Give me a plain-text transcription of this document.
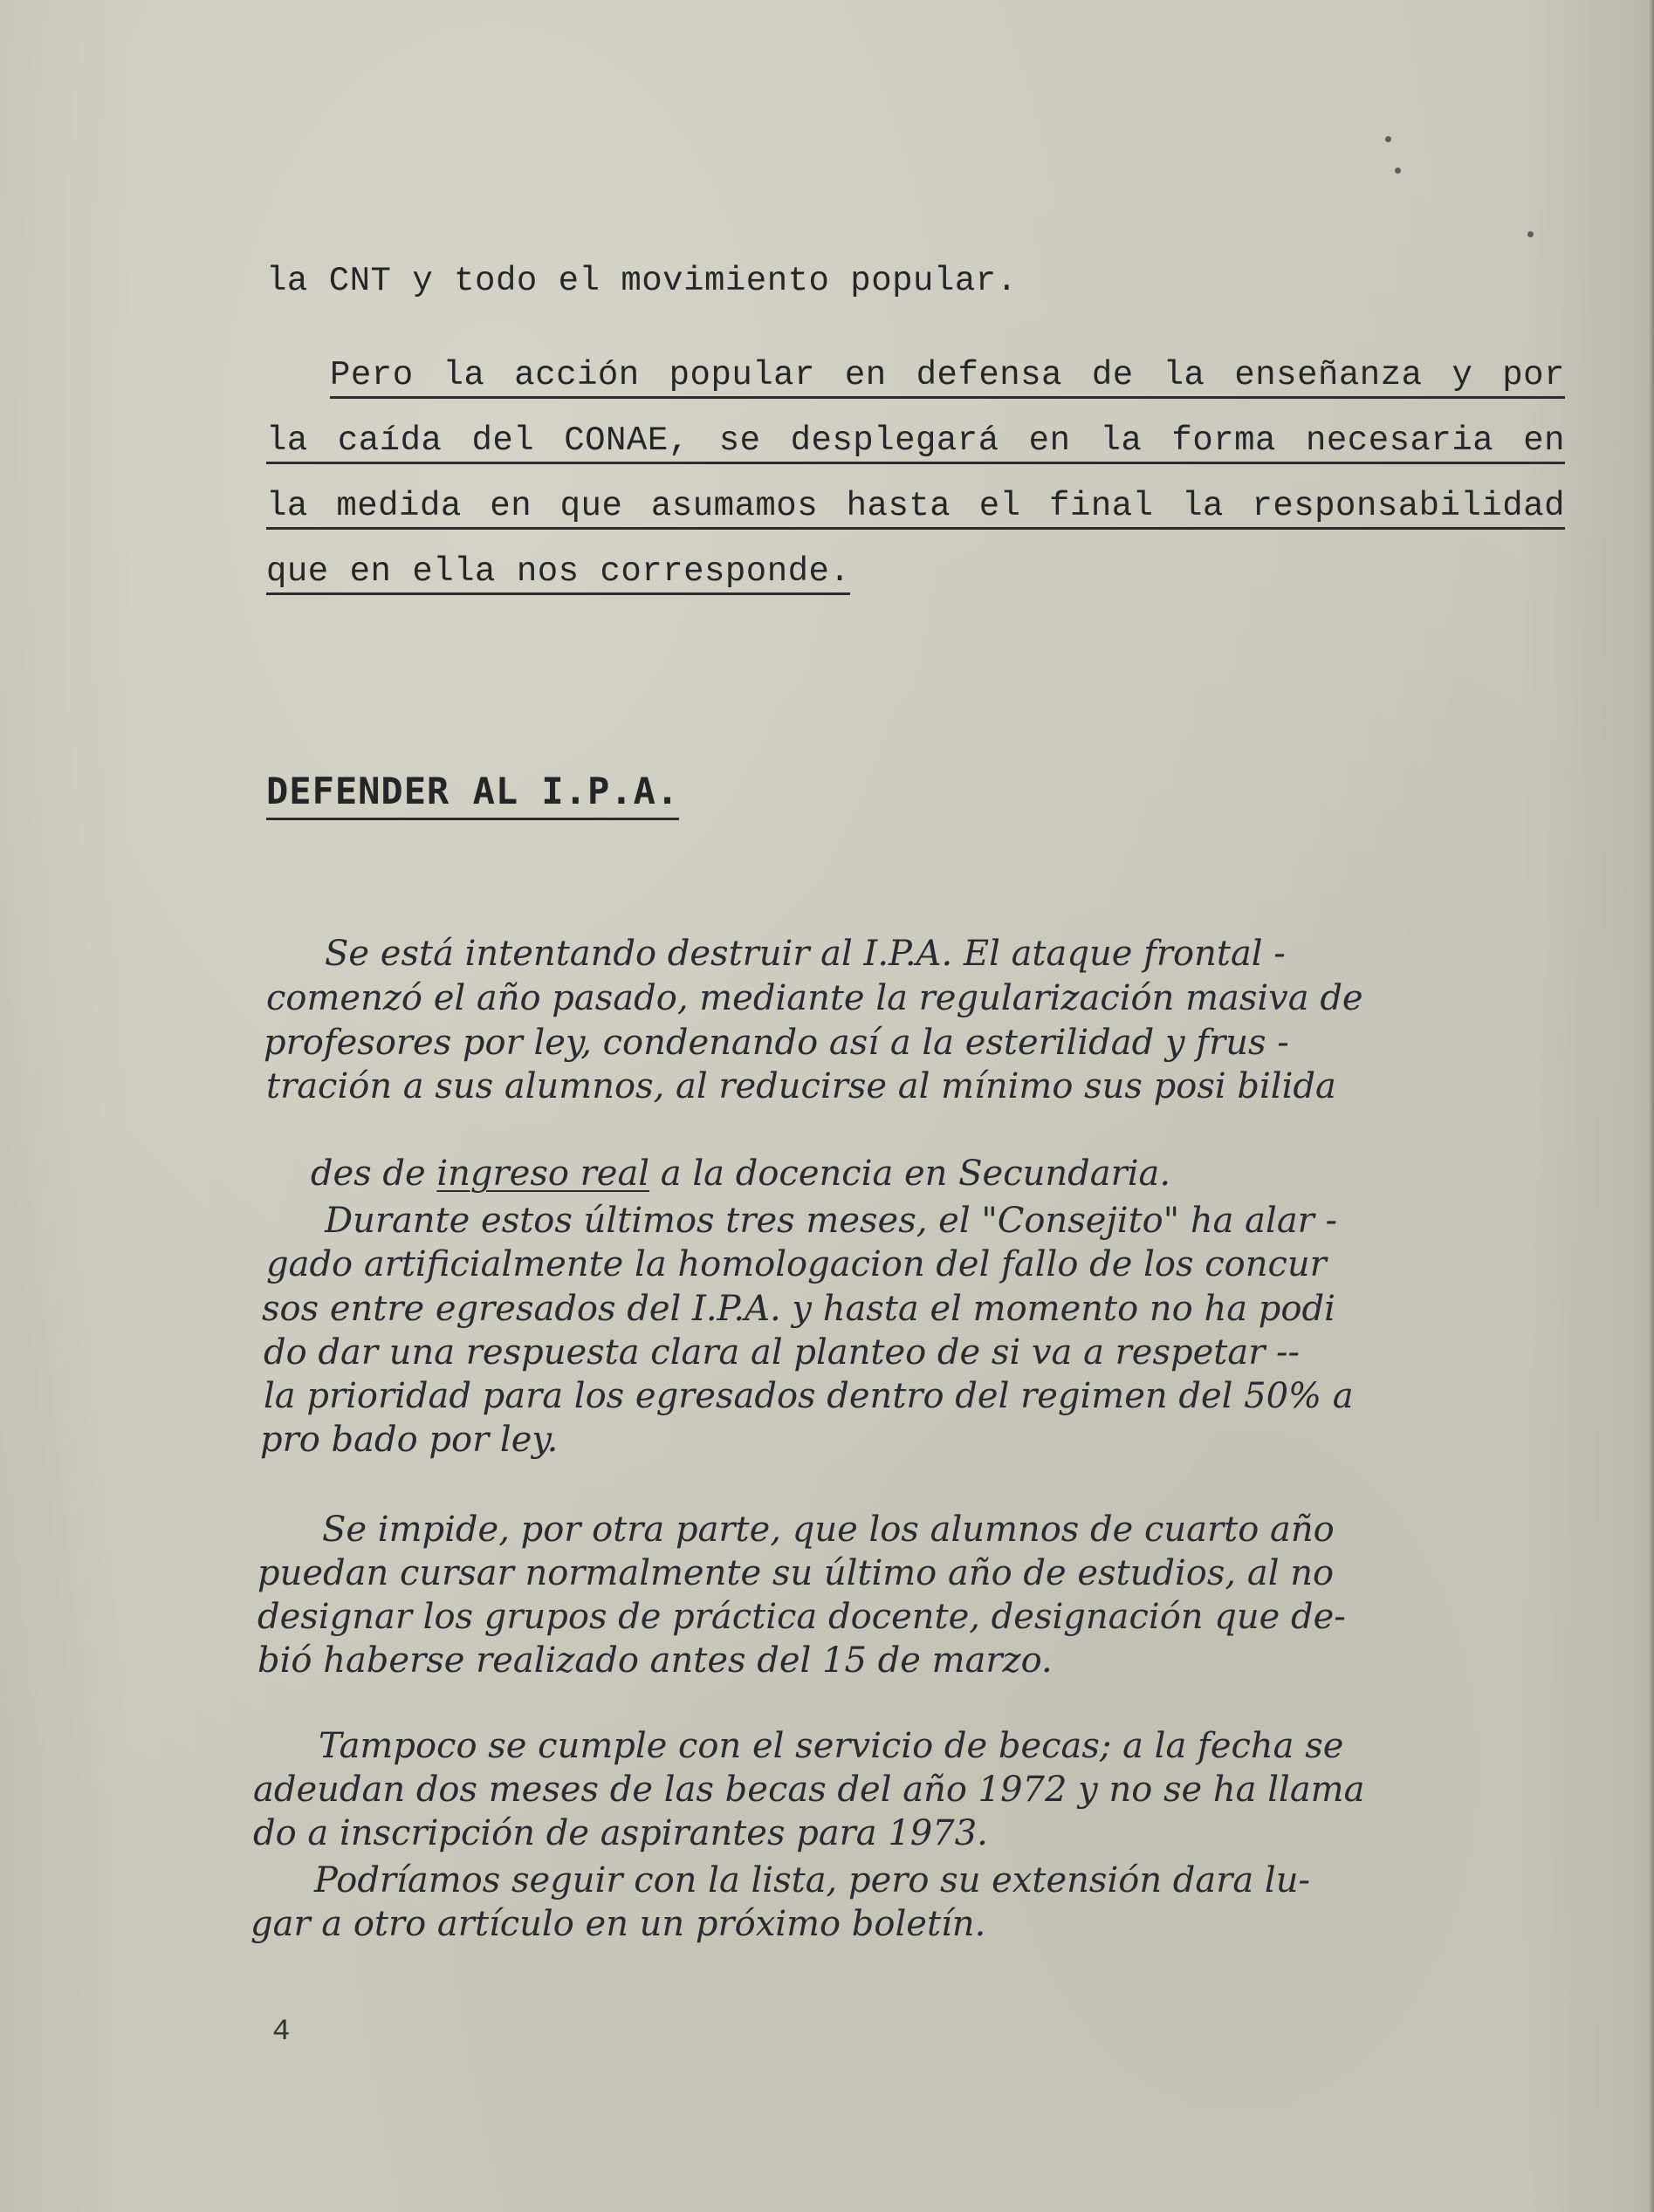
la CNT y todo el movimiento popular.
Pero la acción popular en defensa de la enseñanza y por
la caída del CONAE, se desplegará en la forma necesaria en
la medida en que asumamos hasta el final la responsabilidad
que en ella nos corresponde.
DEFENDER AL I.P.A.
Se está intentando destruir al I.P.A. El ataque frontal -
comenzó el año pasado, mediante la regularización masiva de
profesores por ley, condenando así a la esterilidad y frus -
tración a sus alumnos, al reducirse al mínimo sus posi bilida

des de ingreso real a la docencia en Secundaria.

Durante estos últimos tres meses, el "Consejito" ha alar -
gado artificialmente la homologacion del fallo de los concur
sos entre egresados del I.P.A. y hasta el momento no ha podi
do dar una respuesta clara al planteo de si va a respetar --
la prioridad para los egresados dentro del regimen del 50% a
pro bado por ley.
Se impide, por otra parte, que los alumnos de cuarto año
puedan cursar normalmente su último año de estudios, al no
designar los grupos de práctica docente, designación que de-
bió haberse realizado antes del 15 de marzo.
Tampoco se cumple con el servicio de becas; a la fecha se
adeudan dos meses de las becas del año 1972 y no se ha llama
do a inscripción de aspirantes para 1973.
Podríamos seguir con la lista, pero su extensión dara lu-
gar a otro artículo en un próximo boletín.
4
